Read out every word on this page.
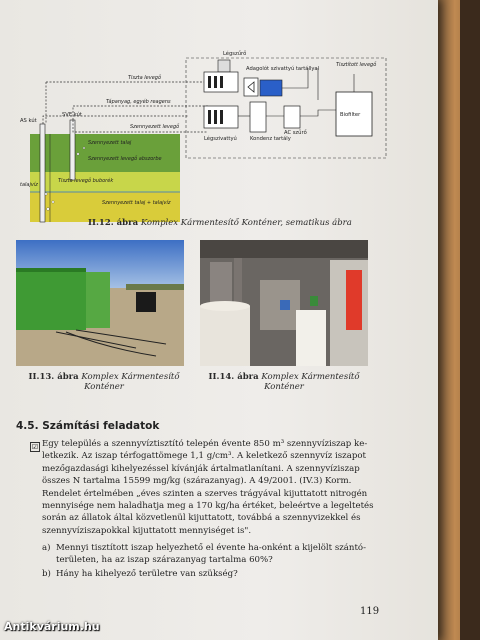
Légszűrő
Tiszta levegő
Tápanyag, egyéb reagens
Adagolót szivattyú tartállyal
Tisztított levegő
Biofilter
AS kút
SVE kút
Szennyezett levegő
Légszivattyú
AC szűrő
Kondenz tartály
Szennyezett talaj
Szennyezett levegő abszorbe
talajvíz
Tiszta levegő buborék
Szennyezett talaj + talajvíz
II.12. ábra Komplex Kármentesítő Konténer, sematikus ábra
II.13. ábra Komplex Kármentesítő
Konténer
II.14. ábra Komplex Kármentesítő
Konténer
4.5. Számítási feladatok
☑ Egy település a szennyvíztisztító telepén évente 850 m³ szennyvíziszap ke-

letkezik. Az iszap térfogattömege 1,1 g/cm³. A keletkező szennyvíz iszapot

mezőgazdasági kihelyezéssel kívánják ártalmatlanítani. A szennyvíziszap

összes N tartalma 15599 mg/kg (szárazanyag). A 49/2001. (IV.3) Korm.

Rendelet értelmében „éves szinten a szerves trágyával kijuttatott nitrogén

mennyisége nem haladhatja meg a 170 kg/ha értéket, beleértve a legeltetés

során az állatok által közvetlenül kijuttatott, továbbá a szennyvizekkel és

szennyvíziszapokkal kijuttatott mennyiséget is".

a) Mennyi tisztított iszap helyezhető el évente ha-onként a kijelölt szántó-
területen, ha az iszap szárazanyag tartalma 60%?
b) Hány ha kihelyező területre van szükség?
119
Antikvárium.hu
